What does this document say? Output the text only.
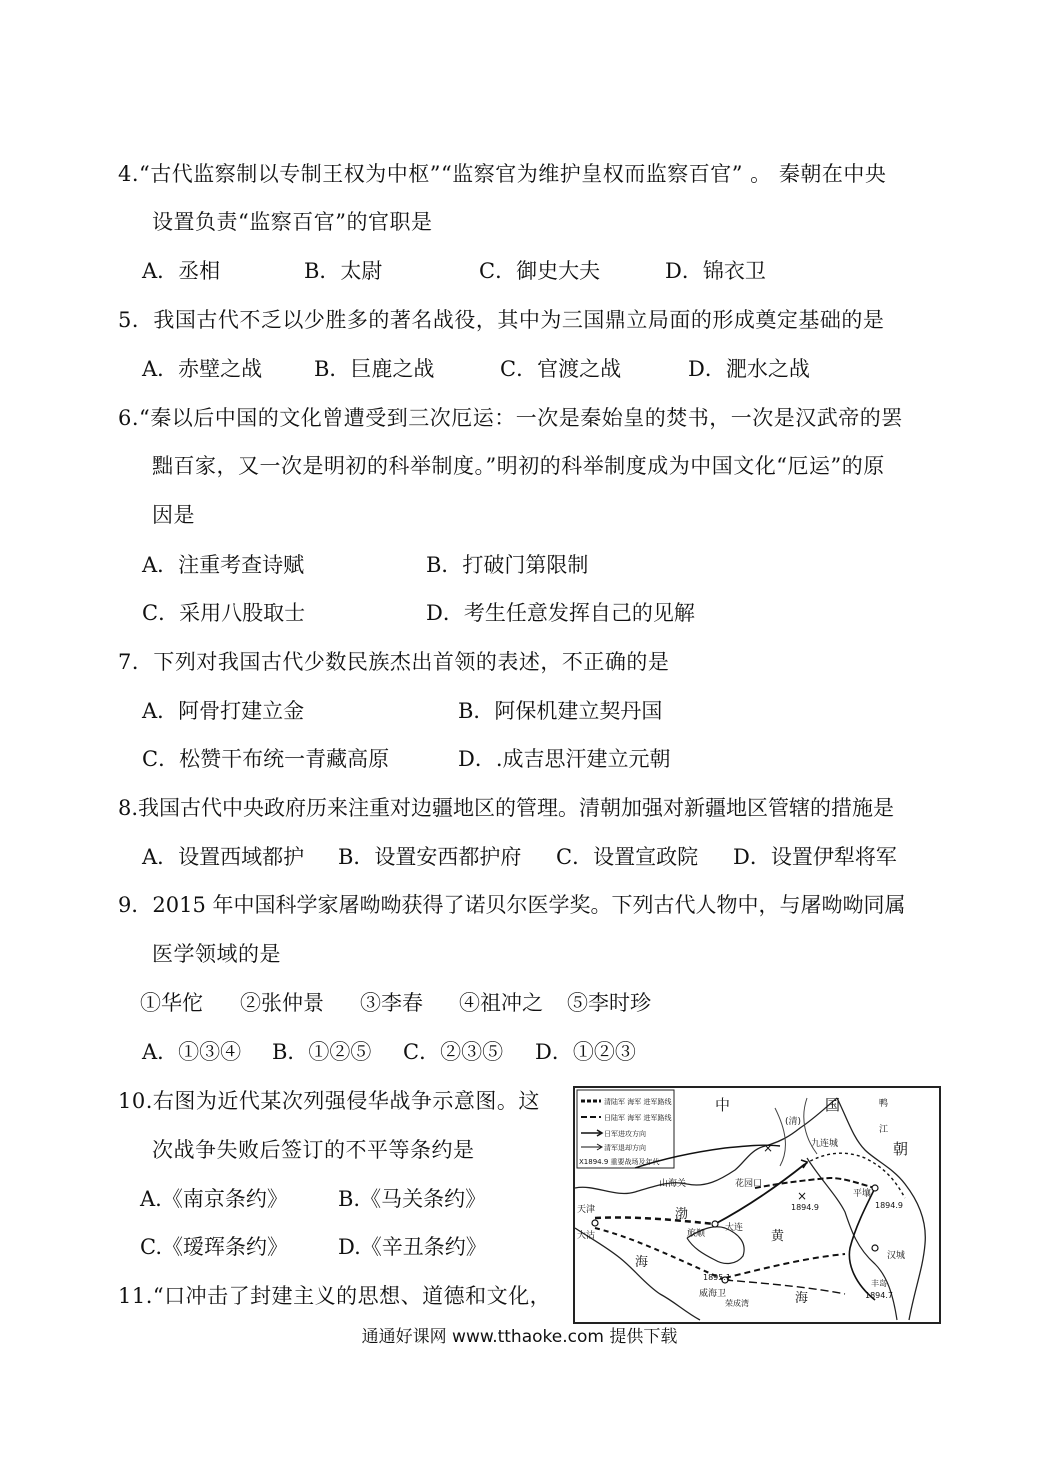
4.“古代监察制以专制王权为中枢”“监察官为维护皇权而监察百官” 。 秦朝在中央
设置负责“监察百官”的官职是
A．丞相	B．太尉	C．御史大夫	D．锦衣卫
5．我国古代不乏以少胜多的著名战役，其中为三国鼎立局面的形成奠定基础的是
A．赤壁之战 B．巨鹿之战	C．官渡之战	D．淝水之战
6.“秦以后中国的文化曾遭受到三次厄运：一次是秦始皇的焚书，一次是汉武帝的罢
黜百家，又一次是明初的科举制度。”明初的科举制度成为中国文化“厄运”的原
因是
A．注重考查诗赋	B．打破门第限制
C．采用八股取士	D．考生任意发挥自己的见解
7．下列对我国古代少数民族杰出首领的表述，不正确的是
A．阿骨打建立金	B．阿保机建立契丹国
C．松赞干布统一青藏高原	D．.成吉思汗建立元朝
8.我国古代中央政府历来注重对边疆地区的管理。清朝加强对新疆地区管辖的措施是
A．设置西域都护 B．设置安西都护府 C．设置宣政院 D．设置伊犁将军
9．2015 年中国科学家屠呦呦获得了诺贝尔医学奖。下列古代人物中，与屠呦呦同属
医学领域的是
①华佗 ②张仲景 ③李春 ④祖冲之 ⑤李时珍
A．①③④ B．①②⑤ C．②③⑤ D．①②③
10.右图为近代某次列强侵华战争示意图。这
次战争失败后签订的不平等条约是
A.《南京条约》 B.《马关条约》
C.《瑷珲条约》 D.《辛丑条约》
11.“口冲击了封建主义的思想、道德和文化，
清陆军 海军 进军路线
日陆军 海军 进军路线
日军进攻方向
清军退却方向
X1894.9 重要战场及年代
×
×
中	国
(清)
朝
鸭
江
九连城
山海关	花园口
天津
大沽
渤
海
旅顺
大连
黄
海
平壤
1894.9	1894.9
汉城
威海卫
1895.1
荣成湾
丰岛
1894.7
通通好课网 www.tthaoke.com 提供下载
